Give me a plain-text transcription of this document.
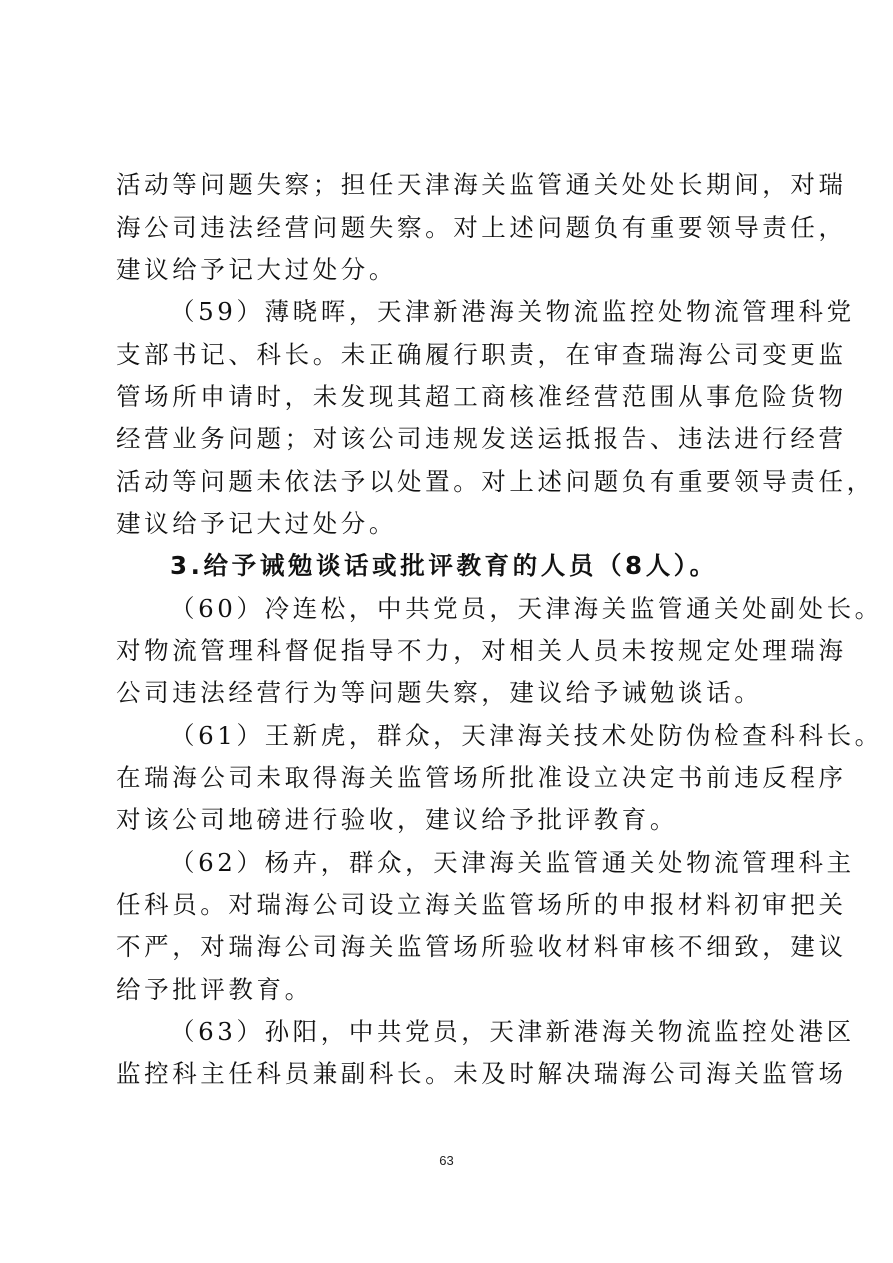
活动等问题失察；担任天津海关监管通关处处长期间，对瑞
海公司违法经营问题失察。对上述问题负有重要领导责任，
建议给予记大过处分。
（59）薄晓晖，天津新港海关物流监控处物流管理科党
支部书记、科长。未正确履行职责，在审查瑞海公司变更监
管场所申请时，未发现其超工商核准经营范围从事危险货物
经营业务问题；对该公司违规发送运抵报告、违法进行经营
活动等问题未依法予以处置。对上述问题负有重要领导责任，
建议给予记大过处分。
3.给予诫勉谈话或批评教育的人员（8人）。
（60）冷连松，中共党员，天津海关监管通关处副处长。
对物流管理科督促指导不力，对相关人员未按规定处理瑞海
公司违法经营行为等问题失察，建议给予诫勉谈话。
（61）王新虎，群众，天津海关技术处防伪检查科科长。
在瑞海公司未取得海关监管场所批准设立决定书前违反程序
对该公司地磅进行验收，建议给予批评教育。
（62）杨卉，群众，天津海关监管通关处物流管理科主
任科员。对瑞海公司设立海关监管场所的申报材料初审把关
不严，对瑞海公司海关监管场所验收材料审核不细致，建议
给予批评教育。
（63）孙阳，中共党员，天津新港海关物流监控处港区
监控科主任科员兼副科长。未及时解决瑞海公司海关监管场
63
